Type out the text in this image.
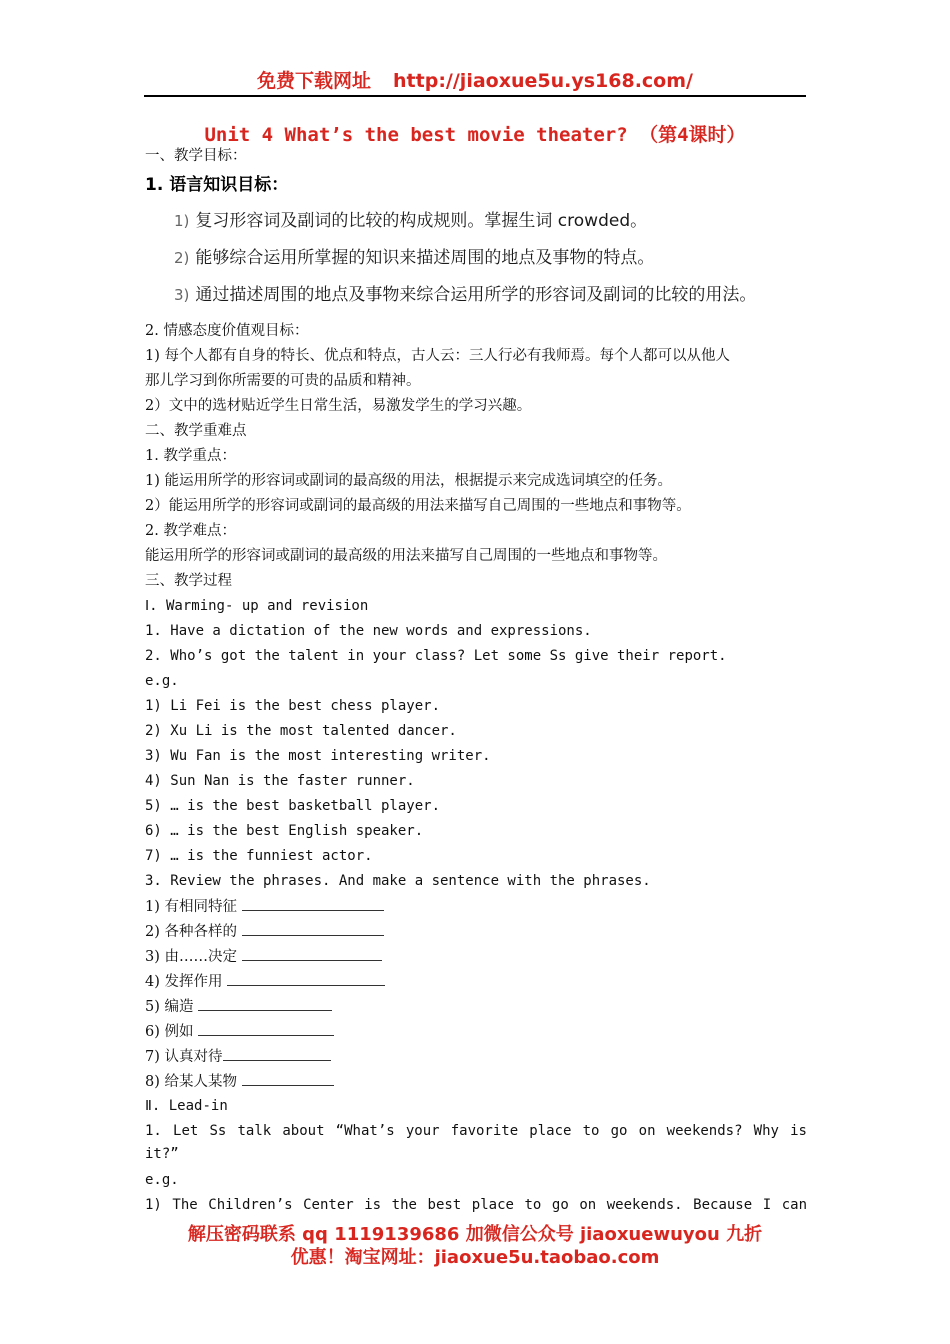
免费下载网址 http://jiaoxue5u.ys168.com/
Unit 4 What’s the best movie theater? （第4课时）
一、教学目标：
1. 语言知识目标：
1) 复习形容词及副词的比较的构成规则。掌握生词 crowded。
2) 能够综合运用所掌握的知识来描述周围的地点及事物的特点。
3) 通过描述周围的地点及事物来综合运用所学的形容词及副词的比较的用法。
2. 情感态度价值观目标：
1) 每个人都有自身的特长、优点和特点，古人云：三人行必有我师焉。每个人都可以从他人
那儿学习到你所需要的可贵的品质和精神。
2）文中的选材贴近学生日常生活，易激发学生的学习兴趣。
二、教学重难点
1. 教学重点：
1) 能运用所学的形容词或副词的最高级的用法，根据提示来完成选词填空的任务。
2）能运用所学的形容词或副词的最高级的用法来描写自己周围的一些地点和事物等。
2. 教学难点：
能运用所学的形容词或副词的最高级的用法来描写自己周围的一些地点和事物等。
三、教学过程
Ⅰ. Warming- up and revision
1. Have a dictation of the new words and expressions.
2. Who’s got the talent in your class? Let some Ss give their report.
e.g.
1) Li Fei is the best chess player.
2) Xu Li is the most talented dancer.
3) Wu Fan is the most interesting writer.
4) Sun Nan is the faster runner.
5) … is the best basketball player.
6) … is the best English speaker.
7) … is the funniest actor.
3. Review the phrases. And make a sentence with the phrases.
1) 有相同特征
2) 各种各样的
3) 由……决定
4) 发挥作用
5) 编造
6) 例如
7) 认真对待
8) 给某人某物
Ⅱ. Lead-in
1. Let Ss talk about “What’s your favorite place to go on weekends? Why is
it?”
e.g.
1) The Children’s Center is the best place to go on weekends. Because I can
解压密码联系 qq 1119139686 加微信公众号 jiaoxuewuyou 九折
优惠！淘宝网址：jiaoxue5u.taobao.com
